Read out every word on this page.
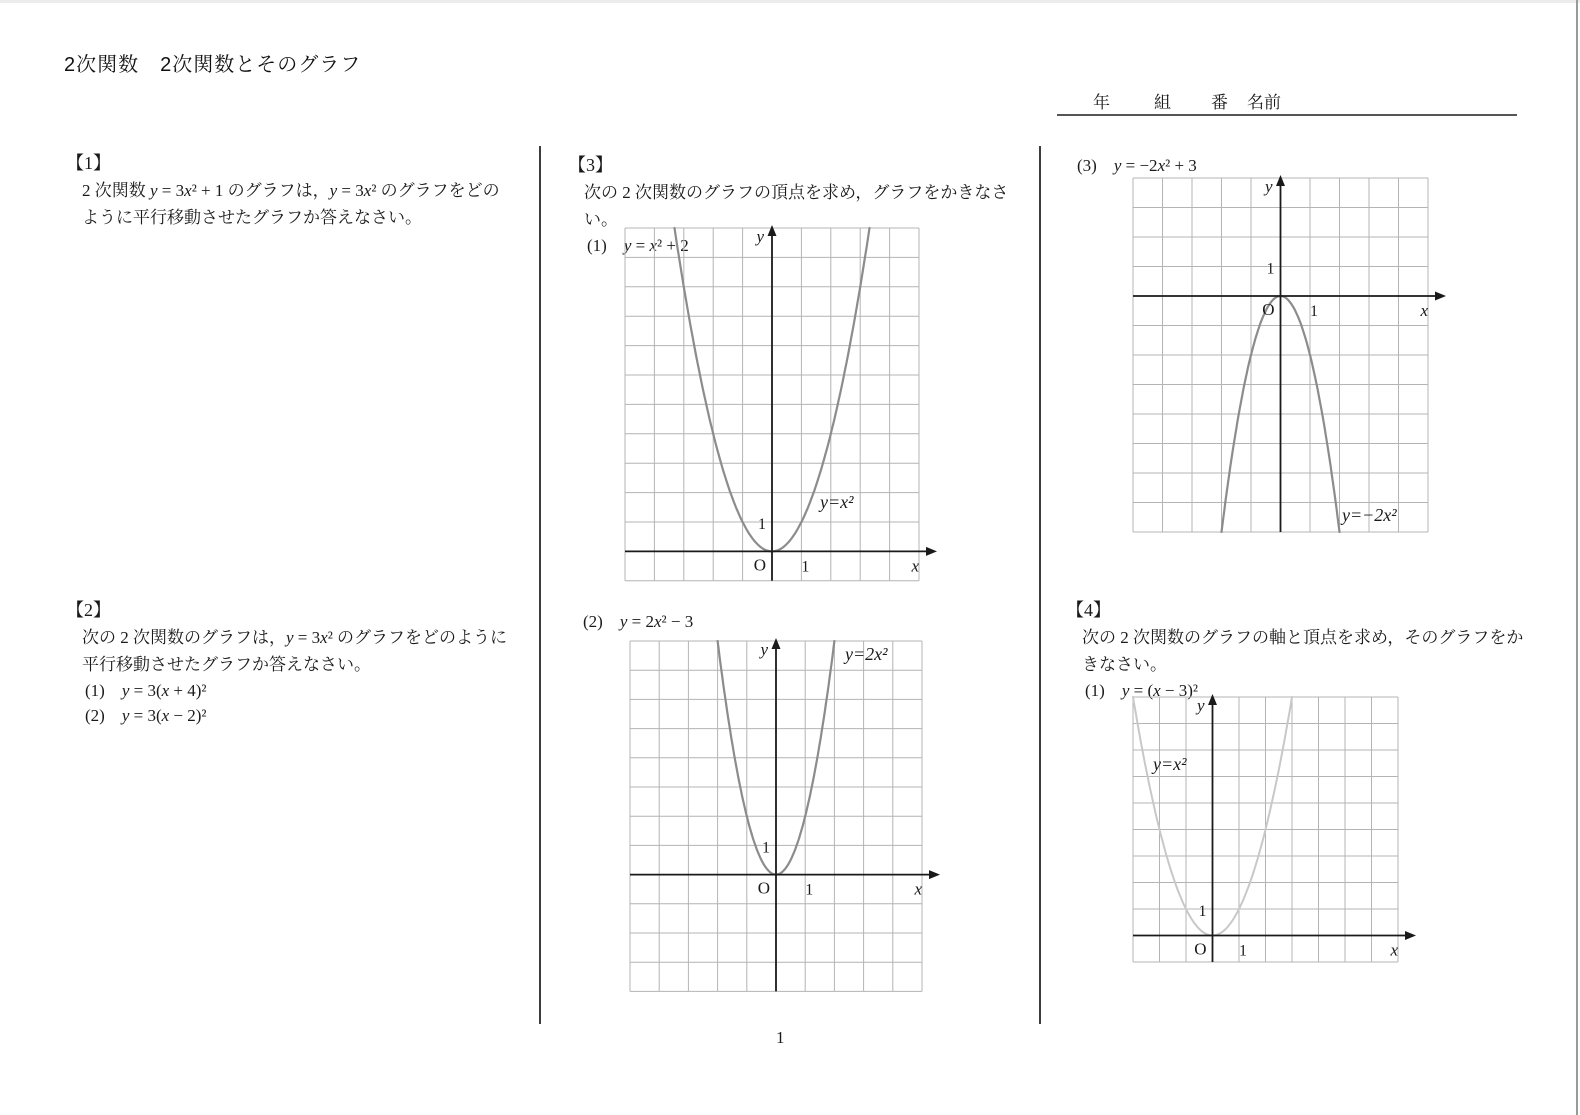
2次関数　2次関数とそのグラフ
年	組 番 名前
【1】
2 次関数 y = 3x² + 1 のグラフは，y = 3x² のグラフをどの
ように平行移動させたグラフか答えなさい。
【2】
次の 2 次関数のグラフは，y = 3x² のグラフをどのように
平行移動させたグラフか答えなさい。
(1)　y = 3(x + 4)²
(2)　y = 3(x − 2)²
【3】
次の 2 次関数のグラフの頂点を求め，グラフをかきなさい。
(1)　y = x² + 2
(2)　y = 2x² − 3
(3)　y = −2x² + 3
【4】
次の 2 次関数のグラフの軸と頂点を求め，そのグラフをか
きなさい。
(1)　y = (x − 3)²
y
x
O
1
1
y=x²
y
x
O
1
1
y=2x²
y
x
O
1
1
y=−2x²
y
x
O
1
1
y=x²
1
